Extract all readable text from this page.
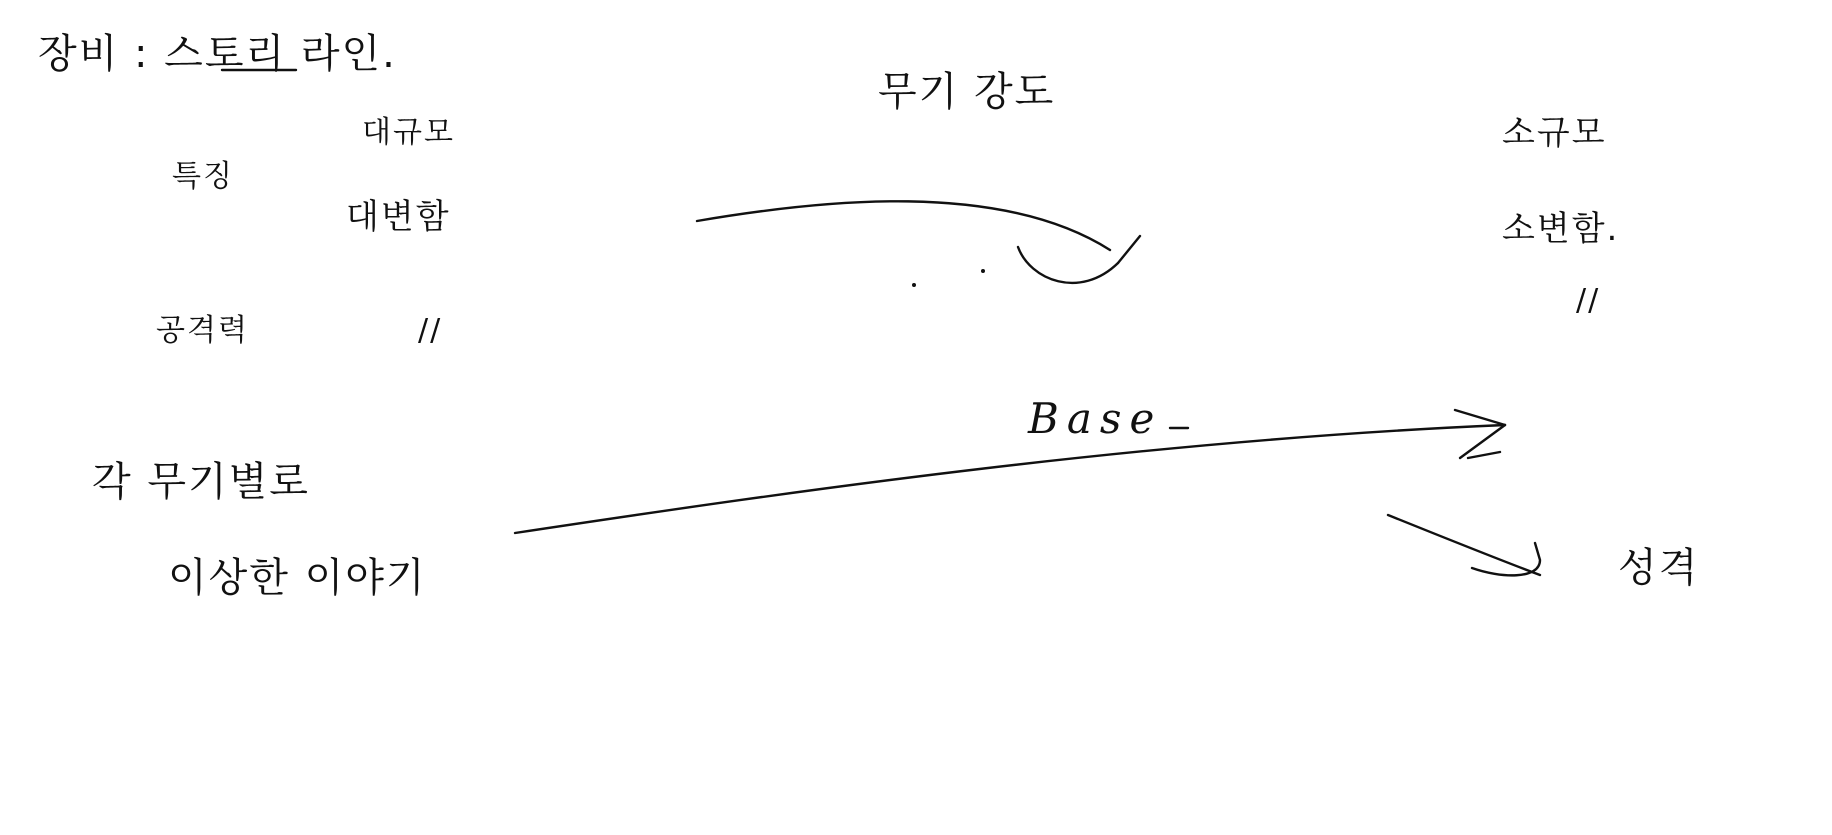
장비 : 스토리 라인.
대규모
특징
대변함
공격력	//
각 무기별로
이상한 이야기
무기 강도
Base
소규모
소변함.
//
성격
